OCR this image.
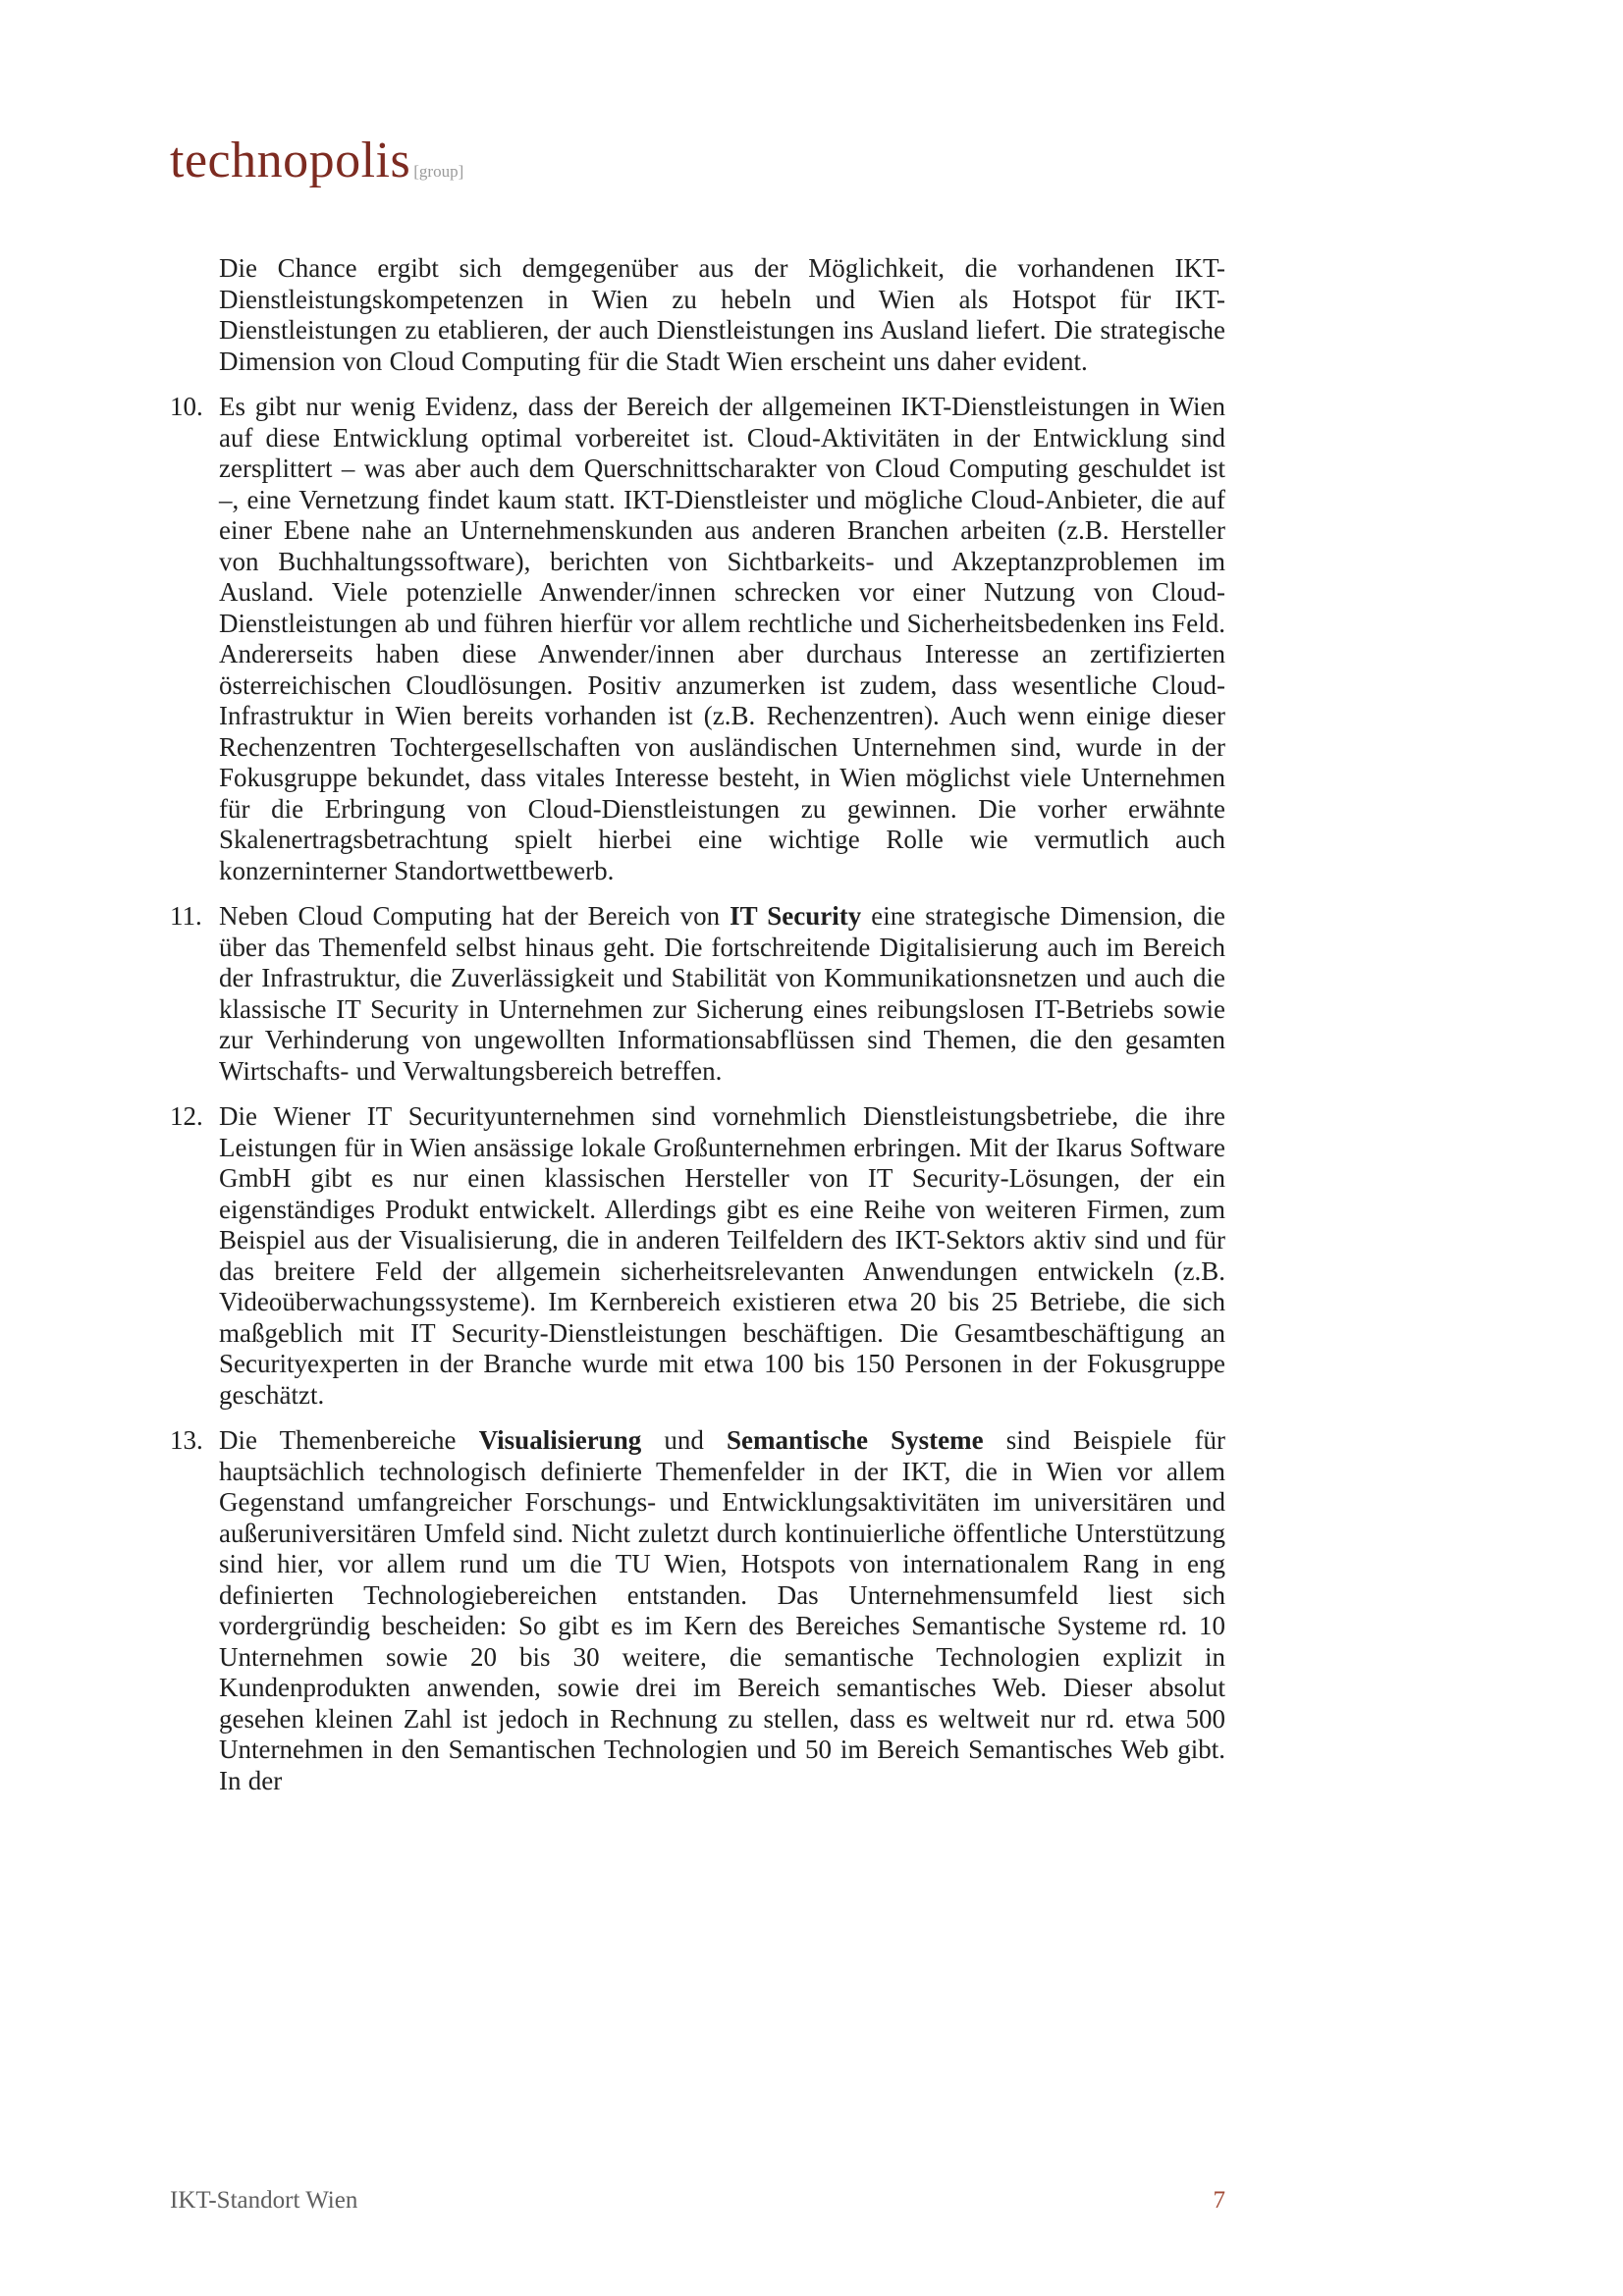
technopolis [group]

Die Chance ergibt sich demgegenüber aus der Möglichkeit, die vorhandenen IKT-Dienstleistungskompetenzen in Wien zu hebeln und Wien als Hotspot für IKT-Dienstleistungen zu etablieren, der auch Dienstleistungen ins Ausland liefert. Die strategische Dimension von Cloud Computing für die Stadt Wien erscheint uns daher evident.

10. Es gibt nur wenig Evidenz, dass der Bereich der allgemeinen IKT-Dienstleistungen in Wien auf diese Entwicklung optimal vorbereitet ist. Cloud-Aktivitäten in der Entwicklung sind zersplittert – was aber auch dem Querschnittscharakter von Cloud Computing geschuldet ist –, eine Vernetzung findet kaum statt. IKT-Dienstleister und mögliche Cloud-Anbieter, die auf einer Ebene nahe an Unternehmenskunden aus anderen Branchen arbeiten (z.B. Hersteller von Buchhaltungssoftware), berichten von Sichtbarkeits- und Akzeptanzproblemen im Ausland. Viele potenzielle Anwender/innen schrecken vor einer Nutzung von Cloud-Dienstleistungen ab und führen hierfür vor allem rechtliche und Sicherheitsbedenken ins Feld. Andererseits haben diese Anwender/innen aber durchaus Interesse an zertifizierten österreichischen Cloudlösungen. Positiv anzumerken ist zudem, dass wesentliche Cloud-Infrastruktur in Wien bereits vorhanden ist (z.B. Rechenzentren). Auch wenn einige dieser Rechenzentren Tochtergesellschaften von ausländischen Unternehmen sind, wurde in der Fokusgruppe bekundet, dass vitales Interesse besteht, in Wien möglichst viele Unternehmen für die Erbringung von Cloud-Dienstleistungen zu gewinnen. Die vorher erwähnte Skalenertragsbetrachtung spielt hierbei eine wichtige Rolle wie vermutlich auch konzerninterner Standortwettbewerb.

11. Neben Cloud Computing hat der Bereich von IT Security eine strategische Dimension, die über das Themenfeld selbst hinaus geht. Die fortschreitende Digitalisierung auch im Bereich der Infrastruktur, die Zuverlässigkeit und Stabilität von Kommunikationsnetzen und auch die klassische IT Security in Unternehmen zur Sicherung eines reibungslosen IT-Betriebs sowie zur Verhinderung von ungewollten Informationsabflüssen sind Themen, die den gesamten Wirtschafts- und Verwaltungsbereich betreffen.

12. Die Wiener IT Securityunternehmen sind vornehmlich Dienstleistungsbetriebe, die ihre Leistungen für in Wien ansässige lokale Großunternehmen erbringen. Mit der Ikarus Software GmbH gibt es nur einen klassischen Hersteller von IT Security-Lösungen, der ein eigenständiges Produkt entwickelt. Allerdings gibt es eine Reihe von weiteren Firmen, zum Beispiel aus der Visualisierung, die in anderen Teilfeldern des IKT-Sektors aktiv sind und für das breitere Feld der allgemein sicherheitsrelevanten Anwendungen entwickeln (z.B. Videoüberwachungssysteme). Im Kernbereich existieren etwa 20 bis 25 Betriebe, die sich maßgeblich mit IT Security-Dienstleistungen beschäftigen. Die Gesamtbeschäftigung an Securityexperten in der Branche wurde mit etwa 100 bis 150 Personen in der Fokusgruppe geschätzt.

13. Die Themenbereiche Visualisierung und Semantische Systeme sind Beispiele für hauptsächlich technologisch definierte Themenfelder in der IKT, die in Wien vor allem Gegenstand umfangreicher Forschungs- und Entwicklungsaktivitäten im universitären und außeruniversitären Umfeld sind. Nicht zuletzt durch kontinuierliche öffentliche Unterstützung sind hier, vor allem rund um die TU Wien, Hotspots von internationalem Rang in eng definierten Technologiebereichen entstanden. Das Unternehmensumfeld liest sich vordergründig bescheiden: So gibt es im Kern des Bereiches Semantische Systeme rd. 10 Unternehmen sowie 20 bis 30 weitere, die semantische Technologien explizit in Kundenprodukten anwenden, sowie drei im Bereich semantisches Web. Dieser absolut gesehen kleinen Zahl ist jedoch in Rechnung zu stellen, dass es weltweit nur rd. etwa 500 Unternehmen in den Semantischen Technologien und 50 im Bereich Semantisches Web gibt. In der

IKT-Standort Wien	7
